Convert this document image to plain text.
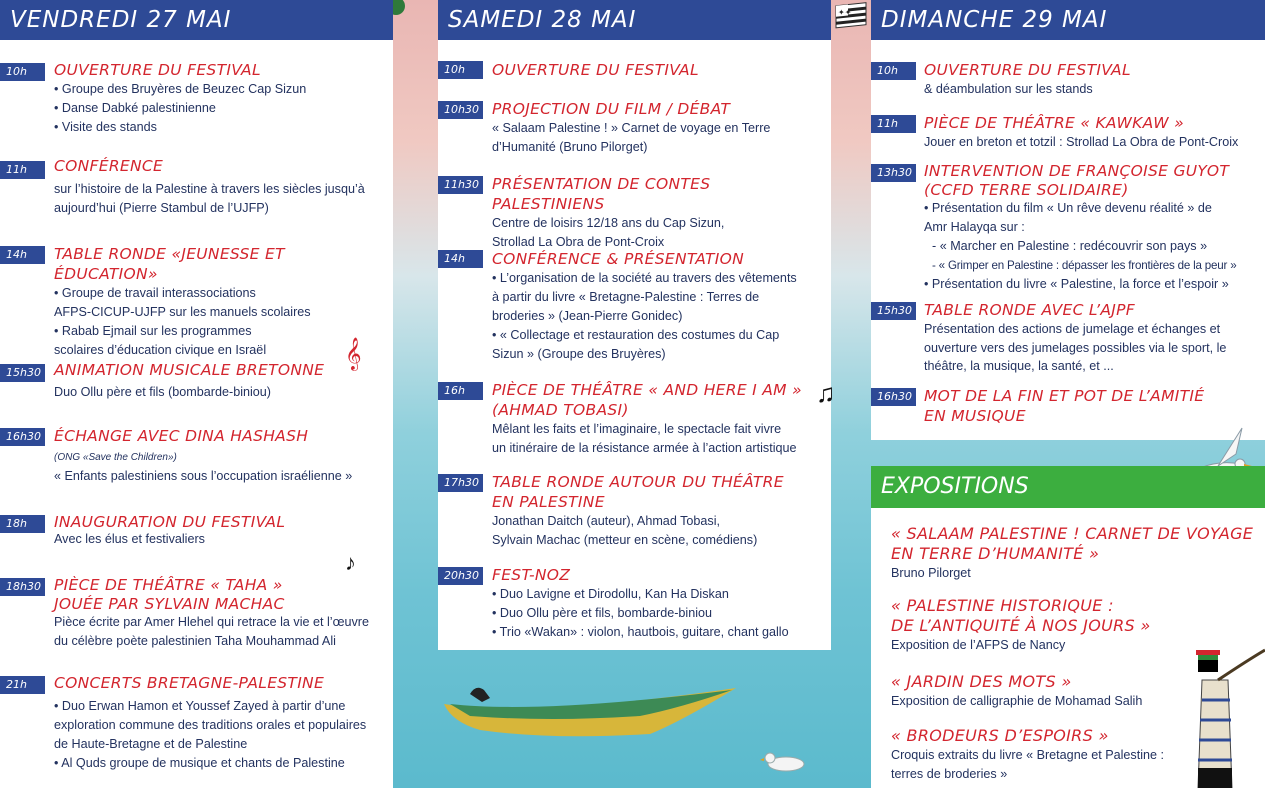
✦✦
VENDREDI 27 MAI
10h	OUVERTURE DU FESTIVAL
• Groupe des Bruyères de Beuzec Cap Sizun
• Danse Dabké palestinienne
• Visite des stands
11h	CONFÉRENCE
sur l’histoire de la Palestine à travers les siècles jusqu’à
aujourd’hui (Pierre Stambul de l’UJFP)
14h	TABLE RONDE «JEUNESSE ET ÉDUCATION»
• Groupe de travail interassociations
AFPS-CICUP-UJFP sur les manuels scolaires
• Rabab Ejmail sur les programmes
scolaires d’éducation civique en Israël
15h30 ANIMATION MUSICALE BRETONNE
Duo Ollu père et fils (bombarde-biniou)
𝄞
16h30 ÉCHANGE AVEC DINA HASHASH
(ONG «Save the Children»)
« Enfants palestiniens sous l’occupation israélienne »
18h	INAUGURATION DU FESTIVAL
Avec les élus et festivaliers
♪
18h30 PIÈCE DE THÉÂTRE « TAHA »
JOUÉE PAR SYLVAIN MACHAC
Pièce écrite par Amer Hlehel qui retrace la vie et l’œuvre
du célèbre poète palestinien Taha Mouhammad Ali
21h	CONCERTS BRETAGNE-PALESTINE
• Duo Erwan Hamon et Youssef Zayed à partir d’une
exploration commune des traditions orales et populaires
de Haute-Bretagne et de Palestine
• Al Quds groupe de musique et chants de Palestine
SAMEDI 28 MAI
10h	OUVERTURE DU FESTIVAL
10h30 PROJECTION DU FILM / DÉBAT
« Salaam Palestine ! » Carnet de voyage en Terre
d’Humanité (Bruno Pilorget)
11h30 PRÉSENTATION DE CONTES PALESTINIENS
Centre de loisirs 12/18 ans du Cap Sizun,
Strollad La Obra de Pont-Croix
14h	CONFÉRENCE & PRÉSENTATION
• L’organisation de la société au travers des vêtements
à partir du livre « Bretagne-Palestine : Terres de
broderies » (Jean-Pierre Gonidec)
• « Collectage et restauration des costumes du Cap
Sizun » (Groupe des Bruyères)
16h	PIÈCE DE THÉÂTRE « AND HERE I AM »
(AHMAD TOBASI)
Mêlant les faits et l’imaginaire, le spectacle fait vivre
un itinéraire de la résistance armée à l’action artistique
17h30 TABLE RONDE AUTOUR DU THÉÂTRE
EN PALESTINE
Jonathan Daitch (auteur), Ahmad Tobasi,
Sylvain Machac (metteur en scène, comédiens)
20h30 FEST-NOZ
• Duo Lavigne et Dirodollu, Kan Ha Diskan
• Duo Ollu père et fils, bombarde-biniou
• Trio «Wakan» : violon, hautbois, guitare, chant gallo
♫
DIMANCHE 29 MAI
10h	OUVERTURE DU FESTIVAL
& déambulation sur les stands
11h	PIÈCE DE THÉÂTRE « KAWKAW »
Jouer en breton et totzil : Strollad La Obra de Pont-Croix
13h30 INTERVENTION DE FRANÇOISE GUYOT
(CCFD TERRE SOLIDAIRE)
• Présentation du film « Un rêve devenu réalité » de
Amr Halayqa sur :
- « Marcher en Palestine : redécouvrir son pays »
- « Grimper en Palestine : dépasser les frontières de la peur »
• Présentation du livre « Palestine, la force et l’espoir »
15h30 TABLE RONDE AVEC L’AJPF
Présentation des actions de jumelage et échanges et
ouverture vers des jumelages possibles via le sport, le
théâtre, la musique, la santé, et ...
16h30 MOT DE LA FIN ET POT DE L’AMITIÉ
EN MUSIQUE
EXPOSITIONS
« SALAAM PALESTINE ! CARNET DE VOYAGE
EN TERRE D’HUMANITÉ »
Bruno Pilorget
« PALESTINE HISTORIQUE :
DE L’ANTIQUITÉ À NOS JOURS »
Exposition de l’AFPS de Nancy
« JARDIN DES MOTS »
Exposition de calligraphie de Mohamad Salih
« BRODEURS D’ESPOIRS »
Croquis extraits du livre « Bretagne et Palestine :
terres de broderies »
